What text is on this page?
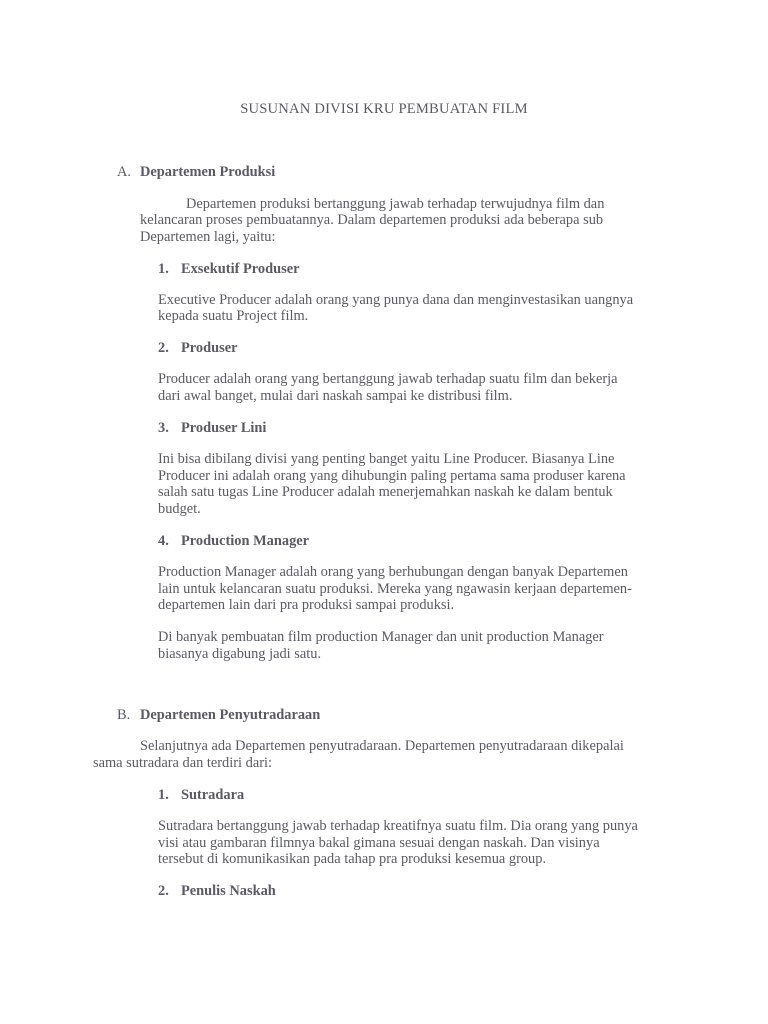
SUSUNAN DIVISI KRU PEMBUATAN FILM
A. Departemen Produksi
Departemen produksi bertanggung jawab terhadap terwujudnya film dan
kelancaran proses pembuatannya. Dalam departemen produksi ada beberapa sub
Departemen lagi, yaitu:
1. Exsekutif Produser
Executive Producer adalah orang yang punya dana dan menginvestasikan uangnya
kepada suatu Project film.
2. Produser
Producer adalah orang yang bertanggung jawab terhadap suatu film dan bekerja
dari awal banget, mulai dari naskah sampai ke distribusi film.
3. Produser Lini
Ini bisa dibilang divisi yang penting banget yaitu Line Producer. Biasanya Line
Producer ini adalah orang yang dihubungin paling pertama sama produser karena
salah satu tugas Line Producer adalah menerjemahkan naskah ke dalam bentuk
budget.
4. Production Manager
Production Manager adalah orang yang berhubungan dengan banyak Departemen
lain untuk kelancaran suatu produksi. Mereka yang ngawasin kerjaan departemen-
departemen lain dari pra produksi sampai produksi.
Di banyak pembuatan film production Manager dan unit production Manager
biasanya digabung jadi satu.
B. Departemen Penyutradaraan
Selanjutnya ada Departemen penyutradaraan. Departemen penyutradaraan dikepalai
sama sutradara dan terdiri dari:
1. Sutradara
Sutradara bertanggung jawab terhadap kreatifnya suatu film. Dia orang yang punya
visi atau gambaran filmnya bakal gimana sesuai dengan naskah. Dan visinya
tersebut di komunikasikan pada tahap pra produksi kesemua group.
2. Penulis Naskah
